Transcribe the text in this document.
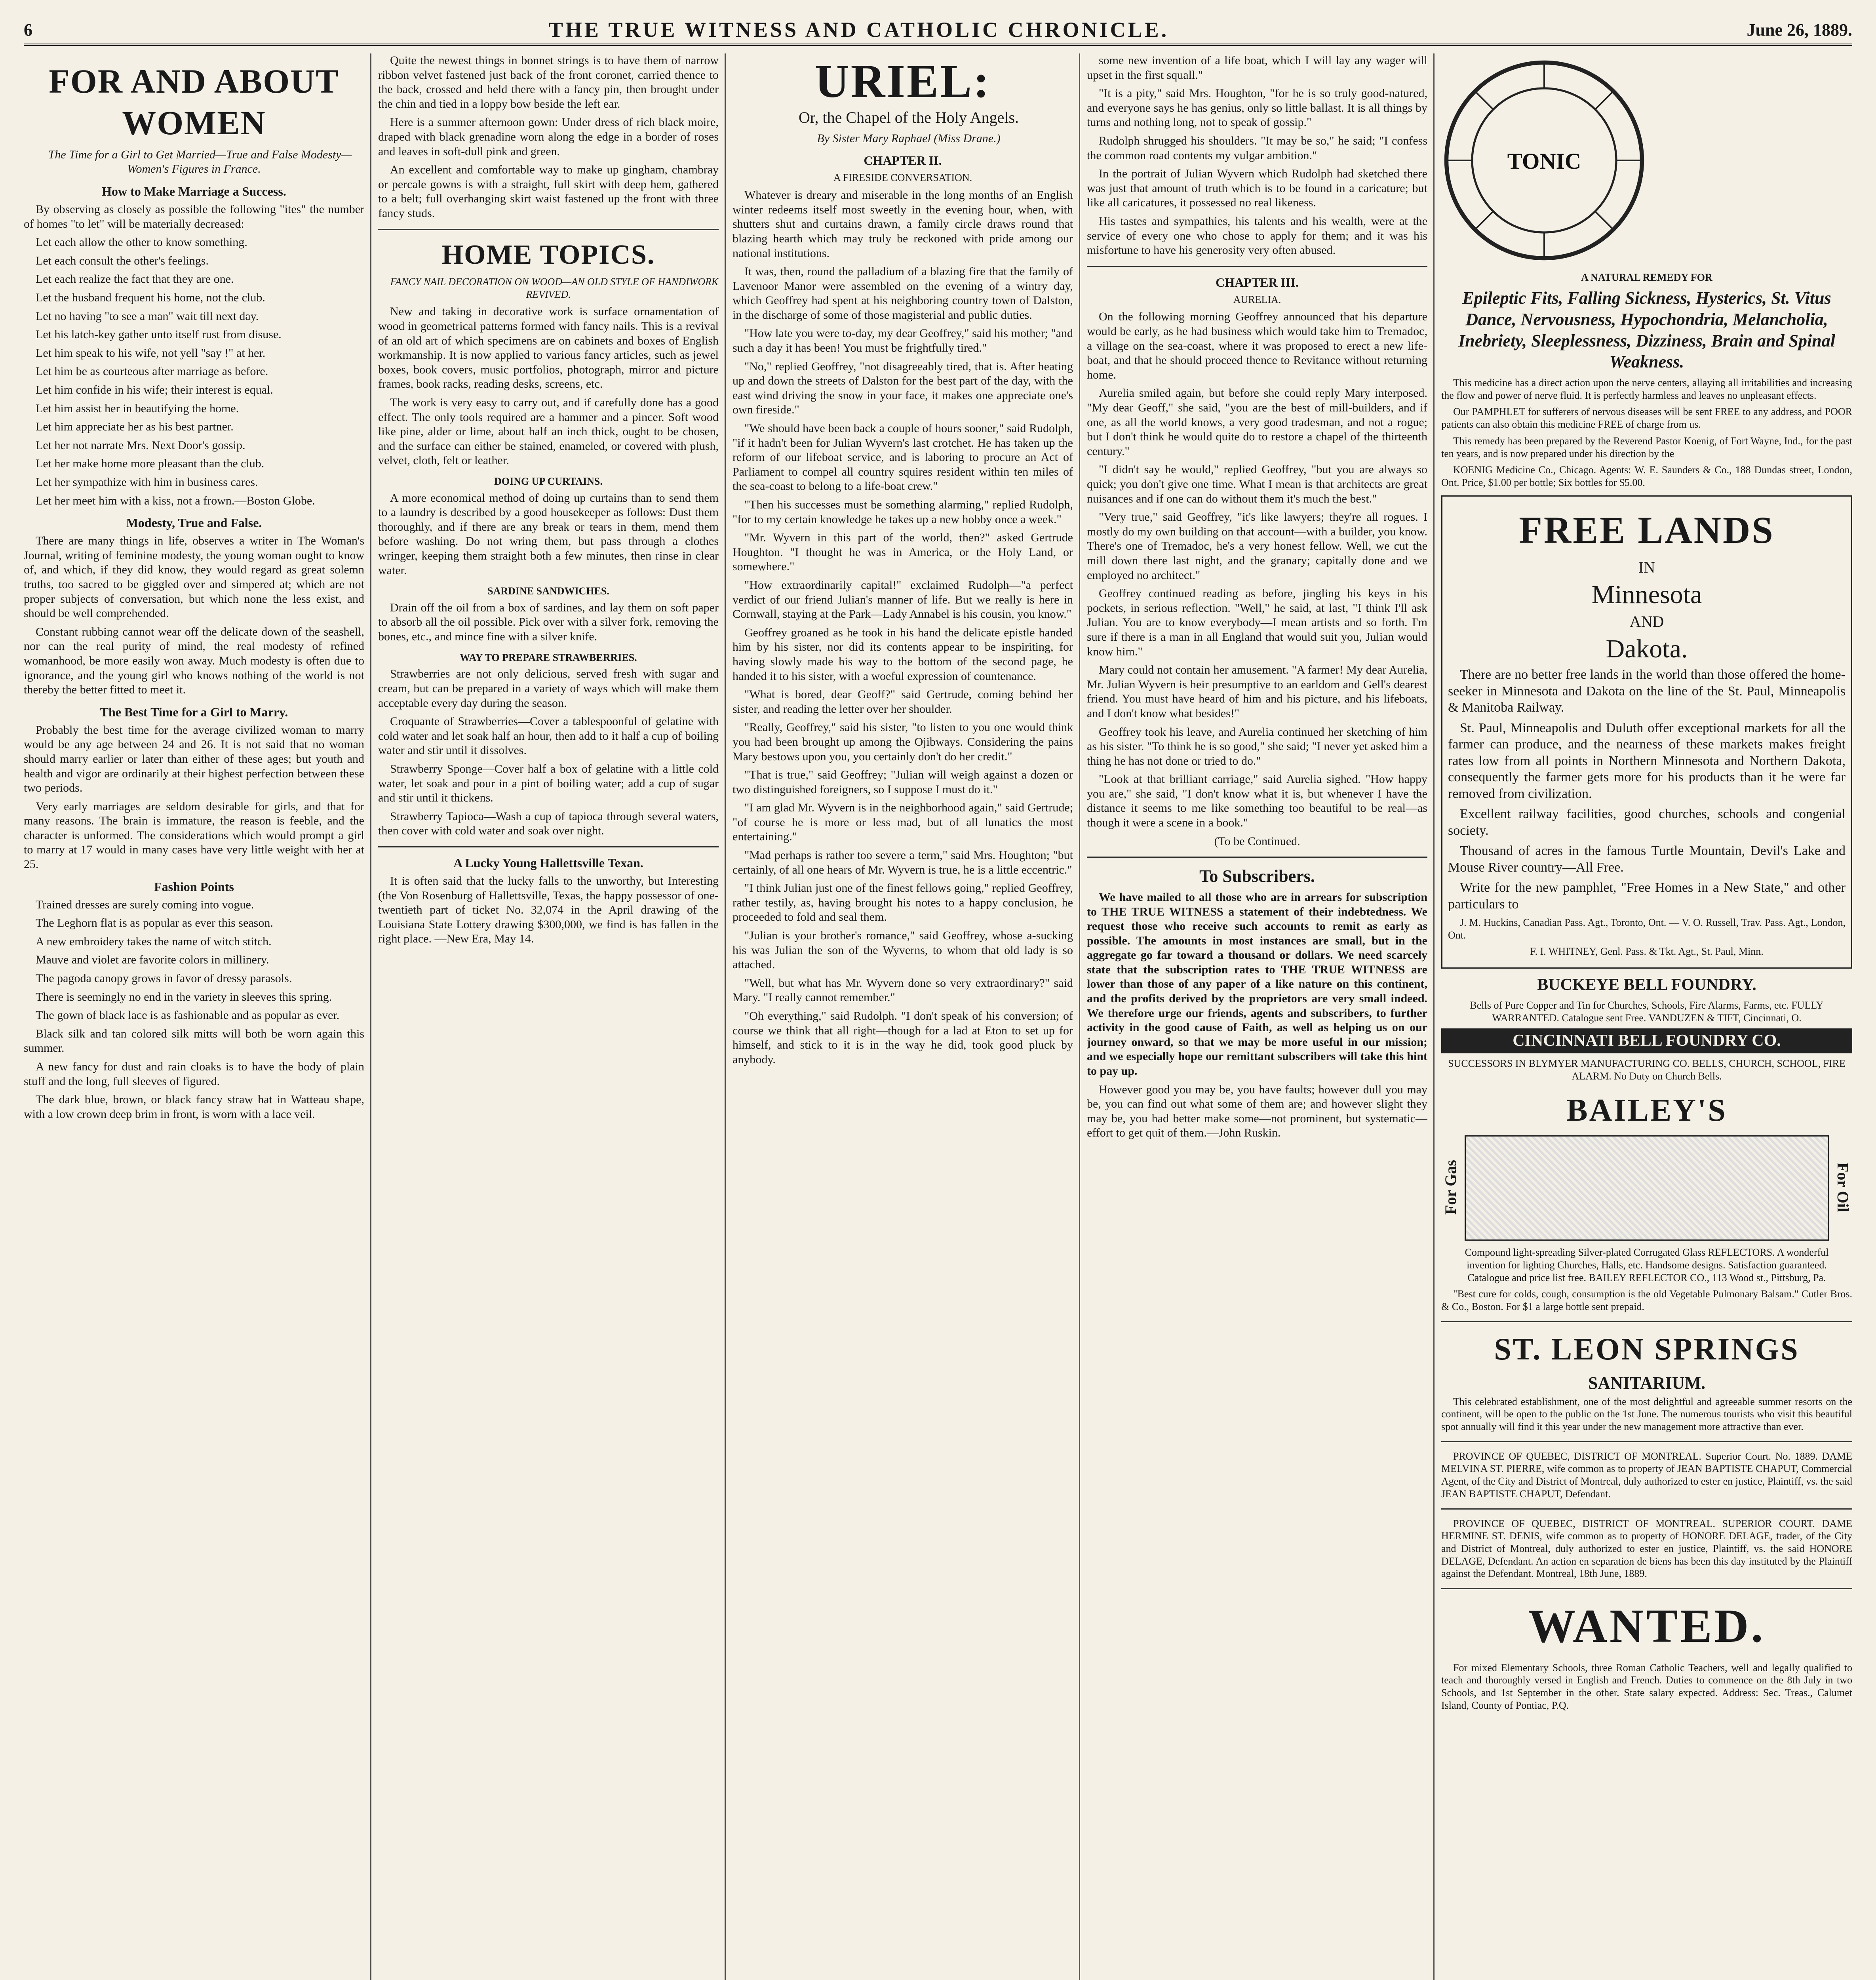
6	THE TRUE WITNESS AND CATHOLIC CHRONICLE.	June 26, 1889.
FOR AND ABOUT WOMEN

The Time for a Girl to Get Married—True and False Modesty—Women's Figures in France.

How to Make Marriage a Success.

By observing as closely as possible the following "ites" the number of homes "to let" will be materially decreased:

Let each allow the other to know something.

Let each consult the other's feelings.

Let each realize the fact that they are one.

Let the husband frequent his home, not the club.

Let no having "to see a man" wait till next day.

Let his latch-key gather unto itself rust from disuse.

Let him speak to his wife, not yell "say !" at her.

Let him be as courteous after marriage as before.

Let him confide in his wife; their interest is equal.

Let him assist her in beautifying the home.

Let him appreciate her as his best partner.

Let her not narrate Mrs. Next Door's gossip.

Let her make home more pleasant than the club.

Let her sympathize with him in business cares.

Let her meet him with a kiss, not a frown.—Boston Globe.

Modesty, True and False.

There are many things in life, observes a writer in The Woman's Journal, writing of feminine modesty, the young woman ought to know of, and which, if they did know, they would regard as great solemn truths, too sacred to be giggled over and simpered at; which are not proper subjects of conversation, but which none the less exist, and should be well comprehended.

Constant rubbing cannot wear off the delicate down of the seashell, nor can the real purity of mind, the real modesty of refined womanhood, be more easily won away. Much modesty is often due to ignorance, and the young girl who knows nothing of the world is not thereby the better fitted to meet it.

The Best Time for a Girl to Marry.

Probably the best time for the average civilized woman to marry would be any age between 24 and 26. It is not said that no woman should marry earlier or later than either of these ages; but youth and health and vigor are ordinarily at their highest perfection between these two periods.

Very early marriages are seldom desirable for girls, and that for many reasons. The brain is immature, the reason is feeble, and the character is unformed. The considerations which would prompt a girl to marry at 17 would in many cases have very little weight with her at 25.

Fashion Points

Trained dresses are surely coming into vogue.

The Leghorn flat is as popular as ever this season.

A new embroidery takes the name of witch stitch.

Mauve and violet are favorite colors in millinery.

The pagoda canopy grows in favor of dressy parasols.

There is seemingly no end in the variety in sleeves this spring.

The gown of black lace is as fashionable and as popular as ever.

Black silk and tan colored silk mitts will both be worn again this summer.

A new fancy for dust and rain cloaks is to have the body of plain stuff and the long, full sleeves of figured.

The dark blue, brown, or black fancy straw hat in Watteau shape, with a low crown deep brim in front, is worn with a lace veil.

Quite the newest things in bonnet strings is to have them of narrow ribbon velvet fastened just back of the front coronet, carried thence to the back, crossed and held there with a fancy pin, then brought under the chin and tied in a loppy bow beside the left ear.

Here is a summer afternoon gown: Under dress of rich black moire, draped with black grenadine worn along the edge in a border of roses and leaves in soft-dull pink and green.

An excellent and comfortable way to make up gingham, chambray or percale gowns is with a straight, full skirt with deep hem, gathered to a belt; full overhanging skirt waist fastened up the front with three fancy studs.

HOME TOPICS.

FANCY NAIL DECORATION ON WOOD—AN OLD STYLE OF HANDIWORK REVIVED.

New and taking in decorative work is surface ornamentation of wood in geometrical patterns formed with fancy nails. This is a revival of an old art of which specimens are on cabinets and boxes of English workmanship. It is now applied to various fancy articles, such as jewel boxes, book covers, music portfolios, photograph, mirror and picture frames, book racks, reading desks, screens, etc.

The work is very easy to carry out, and if carefully done has a good effect. The only tools required are a hammer and a pincer. Soft wood like pine, alder or lime, about half an inch thick, ought to be chosen, and the surface can either be stained, enameled, or covered with plush, velvet, cloth, felt or leather.

DOING UP CURTAINS.

A more economical method of doing up curtains than to send them to a laundry is described by a good housekeeper as follows: Dust them thoroughly, and if there are any break or tears in them, mend them before washing. Do not wring them, but pass through a clothes wringer, keeping them straight both a few minutes, then rinse in clear water.

SARDINE SANDWICHES.

Drain off the oil from a box of sardines, and lay them on soft paper to absorb all the oil possible. Pick over with a silver fork, removing the bones, etc., and mince fine with a silver knife.

WAY TO PREPARE STRAWBERRIES.

Strawberries are not only delicious, served fresh with sugar and cream, but can be prepared in a variety of ways which will make them acceptable every day during the season.

Croquante of Strawberries—Cover a tablespoonful of gelatine with cold water and let soak half an hour, then add to it half a cup of boiling water and stir until it dissolves.

Strawberry Sponge—Cover half a box of gelatine with a little cold water, let soak and pour in a pint of boiling water; add a cup of sugar and stir until it thickens.

Strawberry Tapioca—Wash a cup of tapioca through several waters, then cover with cold water and soak over night.

A Lucky Young Hallettsville Texan.

It is often said that the lucky falls to the unworthy, but Interesting (the Von Rosenburg of Hallettsville, Texas, the happy possessor of one-twentieth part of ticket No. 32,074 in the April drawing of the Louisiana State Lottery drawing $300,000, we find is has fallen in the right place. —New Era, May 14.

URIEL:

Or, the Chapel of the Holy Angels.

By Sister Mary Raphael (Miss Drane.)

CHAPTER II.

A FIRESIDE CONVERSATION.

Whatever is dreary and miserable in the long months of an English winter redeems itself most sweetly in the evening hour, when, with shutters shut and curtains drawn, a family circle draws round that blazing hearth which may truly be reckoned with pride among our national institutions.

It was, then, round the palladium of a blazing fire that the family of Lavenoor Manor were assembled on the evening of a wintry day, which Geoffrey had spent at his neighboring country town of Dalston, in the discharge of some of those magisterial and public duties.

"How late you were to-day, my dear Geoffrey," said his mother; "and such a day it has been! You must be frightfully tired."

"No," replied Geoffrey, "not disagreeably tired, that is. After heating up and down the streets of Dalston for the best part of the day, with the east wind driving the snow in your face, it makes one appreciate one's own fireside."

"We should have been back a couple of hours sooner," said Rudolph, "if it hadn't been for Julian Wyvern's last crotchet. He has taken up the reform of our lifeboat service, and is laboring to procure an Act of Parliament to compel all country squires resident within ten miles of the sea-coast to belong to a life-boat crew."

"Then his successes must be something alarming," replied Rudolph, "for to my certain knowledge he takes up a new hobby once a week."

"Mr. Wyvern in this part of the world, then?" asked Gertrude Houghton. "I thought he was in America, or the Holy Land, or somewhere."

"How extraordinarily capital!" exclaimed Rudolph—"a perfect verdict of our friend Julian's manner of life. But we really is here in Cornwall, staying at the Park—Lady Annabel is his cousin, you know."

Geoffrey groaned as he took in his hand the delicate epistle handed him by his sister, nor did its contents appear to be inspiriting, for having slowly made his way to the bottom of the second page, he handed it to his sister, with a woeful expression of countenance.

"What is bored, dear Geoff?" said Gertrude, coming behind her sister, and reading the letter over her shoulder.

"Really, Geoffrey," said his sister, "to listen to you one would think you had been brought up among the Ojibways. Considering the pains Mary bestows upon you, you certainly don't do her credit."

"That is true," said Geoffrey; "Julian will weigh against a dozen or two distinguished foreigners, so I suppose I must do it."

"I am glad Mr. Wyvern is in the neighborhood again," said Gertrude; "of course he is more or less mad, but of all lunatics the most entertaining."

"Mad perhaps is rather too severe a term," said Mrs. Houghton; "but certainly, of all one hears of Mr. Wyvern is true, he is a little eccentric."

"I think Julian just one of the finest fellows going," replied Geoffrey, rather testily, as, having brought his notes to a happy conclusion, he proceeded to fold and seal them.

"Julian is your brother's romance," said Geoffrey, whose a-sucking his was Julian the son of the Wyverns, to whom that old lady is so attached.

"Well, but what has Mr. Wyvern done so very extraordinary?" said Mary. "I really cannot remember."

"Oh everything," said Rudolph. "I don't speak of his conversion; of course we think that all right—though for a lad at Eton to set up for himself, and stick to it is in the way he did, took good pluck by anybody.

some new invention of a life boat, which I will lay any wager will upset in the first squall."

"It is a pity," said Mrs. Houghton, "for he is so truly good-natured, and everyone says he has genius, only so little ballast. It is all things by turns and nothing long, not to speak of gossip."

Rudolph shrugged his shoulders. "It may be so," he said; "I confess the common road contents my vulgar ambition."

In the portrait of Julian Wyvern which Rudolph had sketched there was just that amount of truth which is to be found in a caricature; but like all caricatures, it possessed no real likeness.

His tastes and sympathies, his talents and his wealth, were at the service of every one who chose to apply for them; and it was his misfortune to have his generosity very often abused.

CHAPTER III.

AURELIA.

On the following morning Geoffrey announced that his departure would be early, as he had business which would take him to Tremadoc, a village on the sea-coast, where it was proposed to erect a new life-boat, and that he should proceed thence to Revitance without returning home.

Aurelia smiled again, but before she could reply Mary interposed. "My dear Geoff," she said, "you are the best of mill-builders, and if one, as all the world knows, a very good tradesman, and not a rogue; but I don't think he would quite do to restore a chapel of the thirteenth century."

"I didn't say he would," replied Geoffrey, "but you are always so quick; you don't give one time. What I mean is that architects are great nuisances and if one can do without them it's much the best."

"Very true," said Geoffrey, "it's like lawyers; they're all rogues. I mostly do my own building on that account—with a builder, you know. There's one of Tremadoc, he's a very honest fellow. Well, we cut the mill down there last night, and the granary; capitally done and we employed no architect."

Geoffrey continued reading as before, jingling his keys in his pockets, in serious reflection. "Well," he said, at last, "I think I'll ask Julian. You are to know everybody—I mean artists and so forth. I'm sure if there is a man in all England that would suit you, Julian would know him."

Mary could not contain her amusement. "A farmer! My dear Aurelia, Mr. Julian Wyvern is heir presumptive to an earldom and Gell's dearest friend. You must have heard of him and his picture, and his lifeboats, and I don't know what besides!"

Geoffrey took his leave, and Aurelia continued her sketching of him as his sister. "To think he is so good," she said; "I never yet asked him a thing he has not done or tried to do."

"Look at that brilliant carriage," said Aurelia sighed. "How happy you are," she said, "I don't know what it is, but whenever I have the distance it seems to me like something too beautiful to be real—as though it were a scene in a book."

(To be Continued.

To Subscribers.

We have mailed to all those who are in arrears for subscription to THE TRUE WITNESS a statement of their indebtedness. We request those who receive such accounts to remit as early as possible. The amounts in most instances are small, but in the aggregate go far toward a thousand or dollars. We need scarcely state that the subscription rates to THE TRUE WITNESS are lower than those of any paper of a like nature on this continent, and the profits derived by the proprietors are very small indeed. We therefore urge our friends, agents and subscribers, to further activity in the good cause of Faith, as well as helping us on our journey onward, so that we may be more useful in our mission; and we especially hope our remittant subscribers will take this hint to pay up.

However good you may be, you have faults; however dull you may be, you can find out what some of them are; and however slight they may be, you had better make some—not prominent, but systematic—effort to get quit of them.—John Ruskin.

TONIC

A NATURAL REMEDY FOR

Epileptic Fits, Falling Sickness, Hysterics, St. Vitus Dance, Nervousness, Hypochondria, Melancholia, Inebriety, Sleeplessness, Dizziness, Brain and Spinal Weakness.

This medicine has a direct action upon the nerve centers, allaying all irritabilities and increasing the flow and power of nerve fluid. It is perfectly harmless and leaves no unpleasant effects.

Our PAMPHLET for sufferers of nervous diseases will be sent FREE to any address, and POOR patients can also obtain this medicine FREE of charge from us.

This remedy has been prepared by the Reverend Pastor Koenig, of Fort Wayne, Ind., for the past ten years, and is now prepared under his direction by the

KOENIG Medicine Co., Chicago. Agents: W. E. Saunders & Co., 188 Dundas street, London, Ont. Price, $1.00 per bottle; Six bottles for $5.00.

FREE LANDS
IN
Minnesota
AND
Dakota.

There are no better free lands in the world than those offered the home-seeker in Minnesota and Dakota on the line of the St. Paul, Minneapolis & Manitoba Railway.

St. Paul, Minneapolis and Duluth offer exceptional markets for all the farmer can produce, and the nearness of these markets makes freight rates low from all points in Northern Minnesota and Northern Dakota, consequently the farmer gets more for his products than it he were far removed from civilization.

Excellent railway facilities, good churches, schools and congenial society.

Thousand of acres in the famous Turtle Mountain, Devil's Lake and Mouse River country—All Free.

Write for the new pamphlet, "Free Homes in a New State," and other particulars to

J. M. Huckins, Canadian Pass. Agt., Toronto, Ont. — V. O. Russell, Trav. Pass. Agt., London, Ont.

F. I. WHITNEY, Genl. Pass. & Tkt. Agt., St. Paul, Minn.

BUCKEYE BELL FOUNDRY.

Bells of Pure Copper and Tin for Churches, Schools, Fire Alarms, Farms, etc. FULLY WARRANTED. Catalogue sent Free. VANDUZEN & TIFT, Cincinnati, O.

CINCINNATI BELL FOUNDRY CO.

SUCCESSORS IN BLYMYER MANUFACTURING CO. BELLS, CHURCH, SCHOOL, FIRE ALARM. No Duty on Church Bells.

For Gas
BAILEY'S

Compound light-spreading Silver-plated Corrugated Glass REFLECTORS. A wonderful invention for lighting Churches, Halls, etc. Handsome designs. Satisfaction guaranteed. Catalogue and price list free. BAILEY REFLECTOR CO., 113 Wood st., Pittsburg, Pa.

For Oil

"Best cure for colds, cough, consumption is the old Vegetable Pulmonary Balsam." Cutler Bros. & Co., Boston. For $1 a large bottle sent prepaid.

ST. LEON SPRINGS
SANITARIUM.

This celebrated establishment, one of the most delightful and agreeable summer resorts on the continent, will be open to the public on the 1st June. The numerous tourists who visit this beautiful spot annually will find it this year under the new management more attractive than ever.

PROVINCE OF QUEBEC, DISTRICT OF MONTREAL. Superior Court. No. 1889. DAME MELVINA ST. PIERRE, wife common as to property of JEAN BAPTISTE CHAPUT, Commercial Agent, of the City and District of Montreal, duly authorized to ester en justice, Plaintiff, vs. the said JEAN BAPTISTE CHAPUT, Defendant.

PROVINCE OF QUEBEC, DISTRICT OF MONTREAL. SUPERIOR COURT. DAME HERMINE ST. DENIS, wife common as to property of HONORE DELAGE, trader, of the City and District of Montreal, duly authorized to ester en justice, Plaintiff, vs. the said HONORE DELAGE, Defendant. An action en separation de biens has been this day instituted by the Plaintiff against the Defendant. Montreal, 18th June, 1889.

WANTED.

For mixed Elementary Schools, three Roman Catholic Teachers, well and legally qualified to teach and thoroughly versed in English and French. Duties to commence on the 8th July in two Schools, and 1st September in the other. State salary expected. Address: Sec. Treas., Calumet Island, County of Pontiac, P.Q.
